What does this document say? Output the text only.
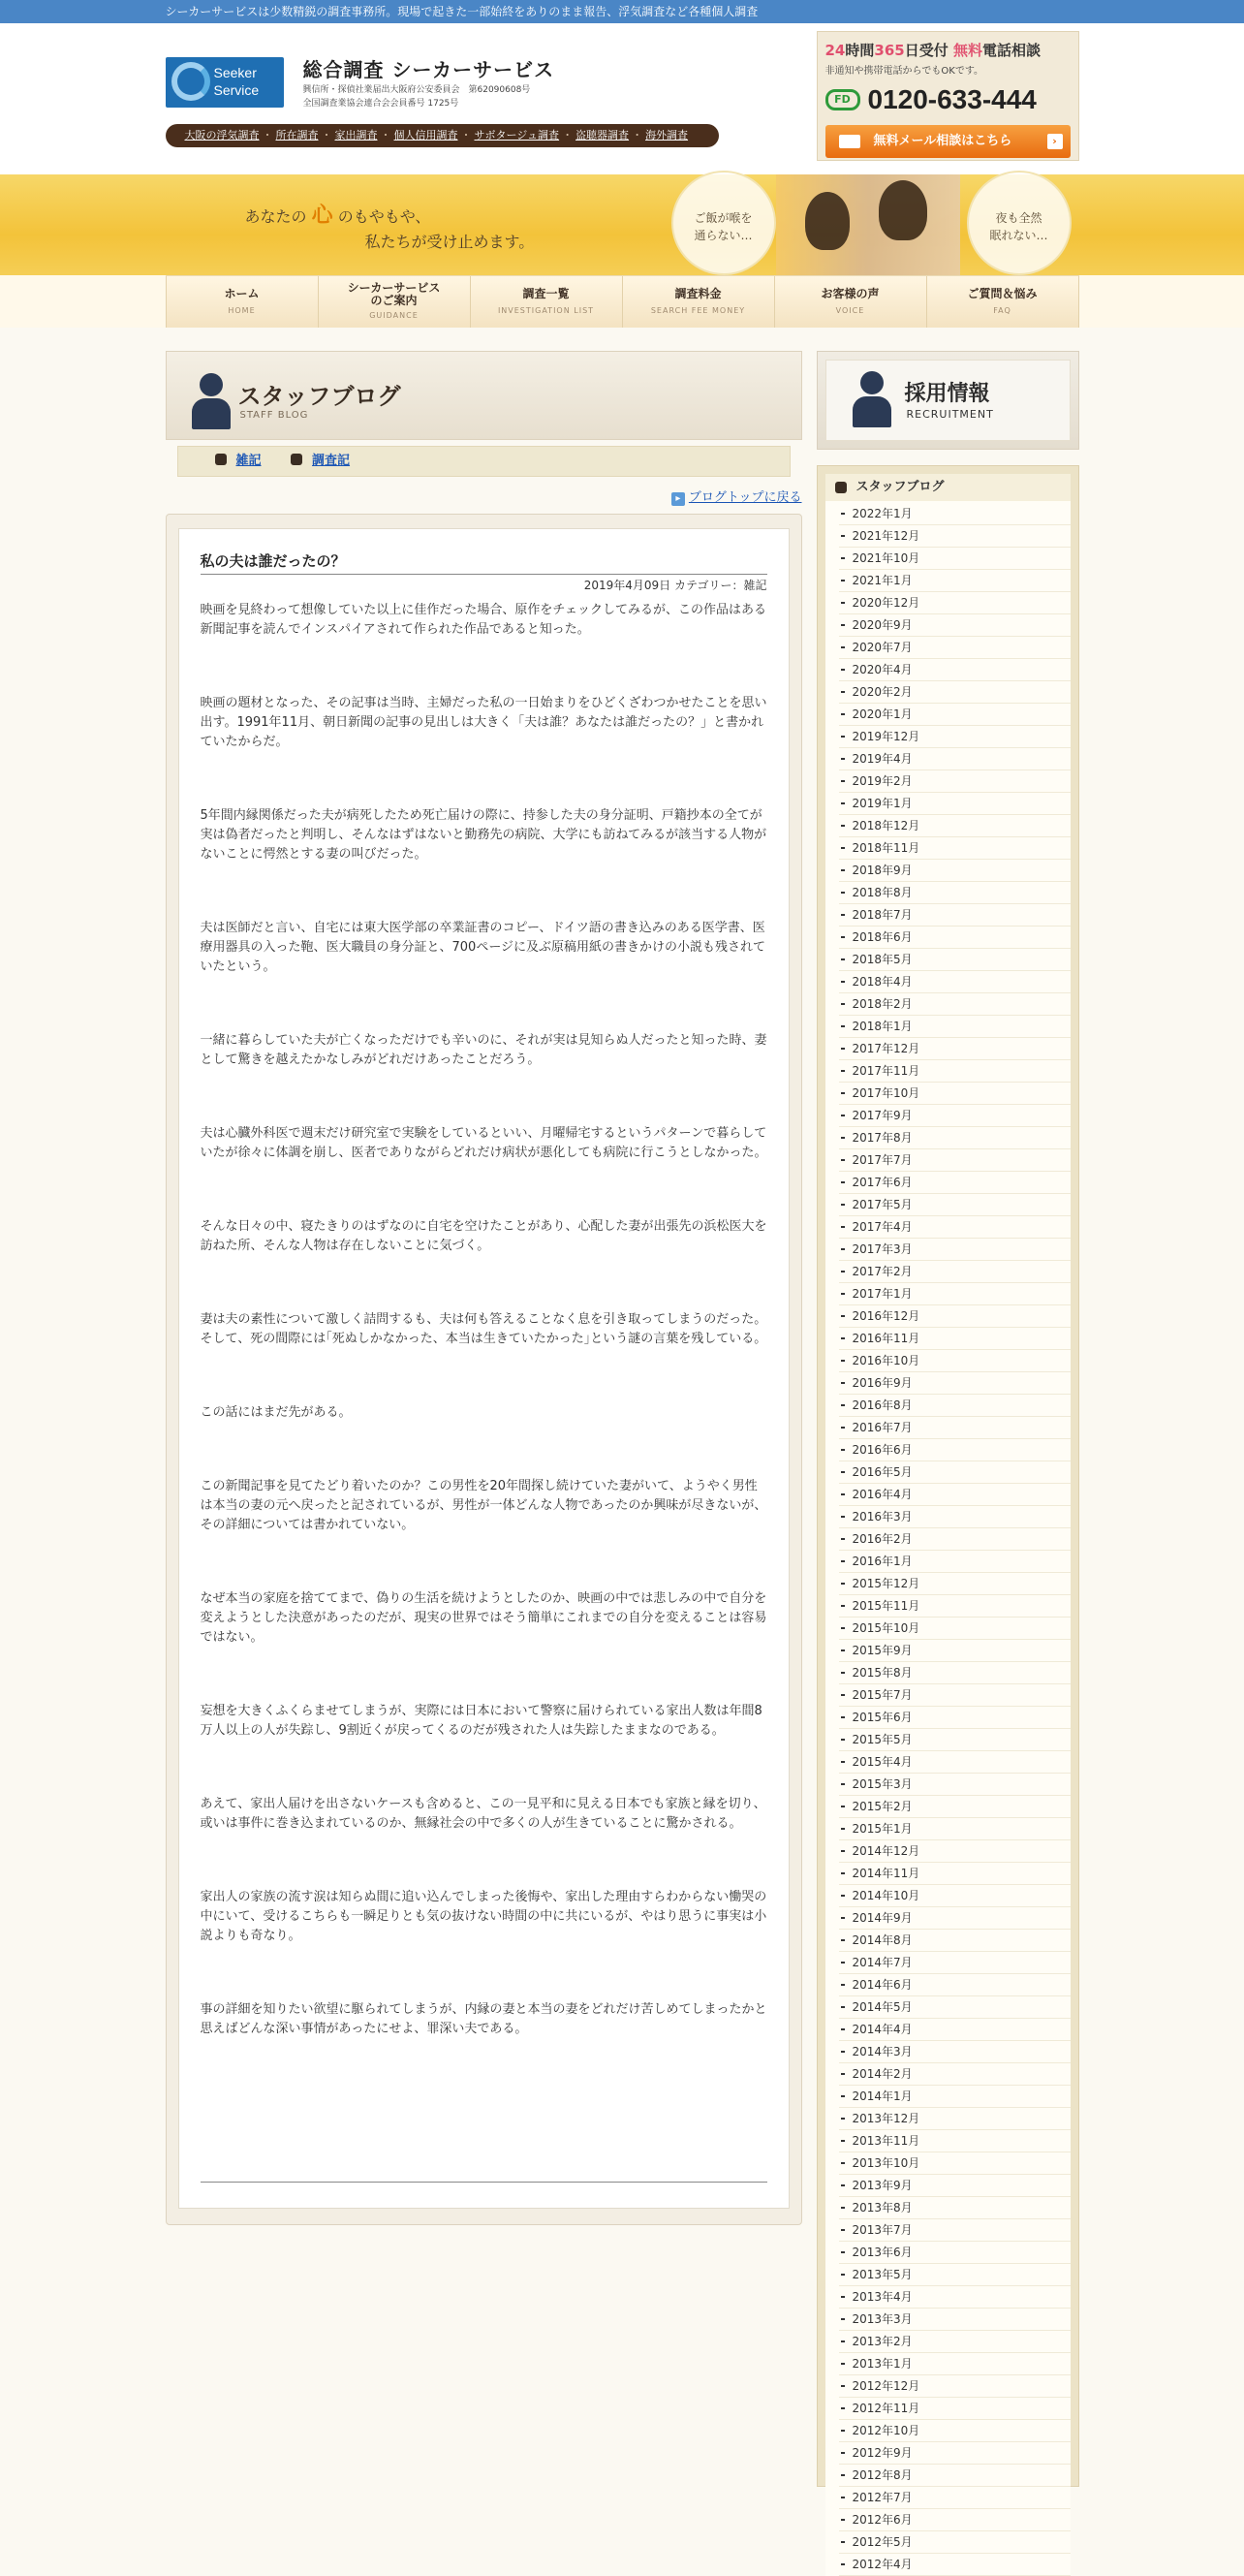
シーカーサービスは少数精鋭の調査事務所。現場で起きた一部始終をありのまま報告、浮気調査など各種個人調査
Seeker
Service
総合調査 シーカーサービス
興信所・探偵社業届出大阪府公安委員会　第62090608号
全国調査業協会連合会会員番号 1725号
大阪の浮気調査 ・ 所在調査 ・ 家出調査 ・ 個人信用調査 ・ サボタージュ調査 ・ 盗聴器調査 ・ 海外調査
24時間365日受付 無料電話相談
非通知や携帯電話からでもOKです。
FD 0120-633-444
無料メール相談はこちら	›
あなたの 心 のもやもや、
私たちが受け止めます。
ご飯が喉を
通らない…
夜も全然
眠れない…
ホーム
HOME
シーカーサービスのご案内
GUIDANCE
調査一覧
INVESTIGATION LIST
調査料金
SEARCH FEE MONEY
お客様の声
VOICE
ご質問＆悩み
FAQ
スタッフブログ
STAFF BLOG
雑記	調査記
▸ ブログトップに戻る
私の夫は誰だったの？
2019年4月09日 カテゴリー：雑記

映画を見終わって想像していた以上に佳作だった場合、原作をチェックしてみるが、この作品はある新聞記事を読んでインスパイアされて作られた作品であると知った。

映画の題材となった、その記事は当時、主婦だった私の一日始まりをひどくざわつかせたことを思い出す。1991年11月、朝日新聞の記事の見出しは大きく「夫は誰？あなたは誰だったの？」と書かれていたからだ。

5年間内縁関係だった夫が病死したため死亡届けの際に、持参した夫の身分証明、戸籍抄本の全てが実は偽者だったと判明し、そんなはずはないと勤務先の病院、大学にも訪ねてみるが該当する人物がないことに愕然とする妻の叫びだった。

夫は医師だと言い、自宅には東大医学部の卒業証書のコピー、ドイツ語の書き込みのある医学書、医療用器具の入った鞄、医大職員の身分証と、700ページに及ぶ原稿用紙の書きかけの小説も残されていたという。

一緒に暮らしていた夫が亡くなっただけでも辛いのに、それが実は見知らぬ人だったと知った時、妻として驚きを越えたかなしみがどれだけあったことだろう。

夫は心臓外科医で週末だけ研究室で実験をしているといい、月曜帰宅するというパターンで暮らしていたが徐々に体調を崩し、医者でありながらどれだけ病状が悪化しても病院に行こうとしなかった。

そんな日々の中、寝たきりのはずなのに自宅を空けたことがあり、心配した妻が出張先の浜松医大を訪ねた所、そんな人物は存在しないことに気づく。

妻は夫の素性について激しく詰問するも、夫は何も答えることなく息を引き取ってしまうのだった。そして、死の間際には｢死ぬしかなかった、本当は生きていたかった｣という謎の言葉を残している。

この話にはまだ先がある。

この新聞記事を見てたどり着いたのか？この男性を20年間探し続けていた妻がいて、ようやく男性は本当の妻の元へ戻ったと記されているが、男性が一体どんな人物であったのか興味が尽きないが、その詳細については書かれていない。

なぜ本当の家庭を捨ててまで、偽りの生活を続けようとしたのか、映画の中では悲しみの中で自分を変えようとした決意があったのだが、現実の世界ではそう簡単にこれまでの自分を変えることは容易ではない。

妄想を大きくふくらませてしまうが、実際には日本において警察に届けられている家出人数は年間8万人以上の人が失踪し、9割近くが戻ってくるのだが残された人は失踪したままなのである。

あえて、家出人届けを出さないケースも含めると、この一見平和に見える日本でも家族と縁を切り、或いは事件に巻き込まれているのか、無縁社会の中で多くの人が生きていることに驚かされる。

家出人の家族の流す涙は知らぬ間に追い込んでしまった後悔や、家出した理由すらわからない慟哭の中にいて、受けるこちらも一瞬足りとも気の抜けない時間の中に共にいるが、やはり思うに事実は小説よりも奇なり。

事の詳細を知りたい欲望に駆られてしまうが、内縁の妻と本当の妻をどれだけ苦しめてしまったかと思えばどんな深い事情があったにせよ、罪深い夫である。

採用情報
RECRUITMENT
スタッフブログ
2022年1月
2021年12月
2021年10月
2021年1月
2020年12月
2020年9月
2020年7月
2020年4月
2020年2月
2020年1月
2019年12月
2019年4月
2019年2月
2019年1月
2018年12月
2018年11月
2018年9月
2018年8月
2018年7月
2018年6月
2018年5月
2018年4月
2018年2月
2018年1月
2017年12月
2017年11月
2017年10月
2017年9月
2017年8月
2017年7月
2017年6月
2017年5月
2017年4月
2017年3月
2017年2月
2017年1月
2016年12月
2016年11月
2016年10月
2016年9月
2016年8月
2016年7月
2016年6月
2016年5月
2016年4月
2016年3月
2016年2月
2016年1月
2015年12月
2015年11月
2015年10月
2015年9月
2015年8月
2015年7月
2015年6月
2015年5月
2015年4月
2015年3月
2015年2月
2015年1月
2014年12月
2014年11月
2014年10月
2014年9月
2014年8月
2014年7月
2014年6月
2014年5月
2014年4月
2014年3月
2014年2月
2014年1月
2013年12月
2013年11月
2013年10月
2013年9月
2013年8月
2013年7月
2013年6月
2013年5月
2013年4月
2013年3月
2013年2月
2013年1月
2012年12月
2012年11月
2012年10月
2012年9月
2012年8月
2012年7月
2012年6月
2012年5月
2012年4月
